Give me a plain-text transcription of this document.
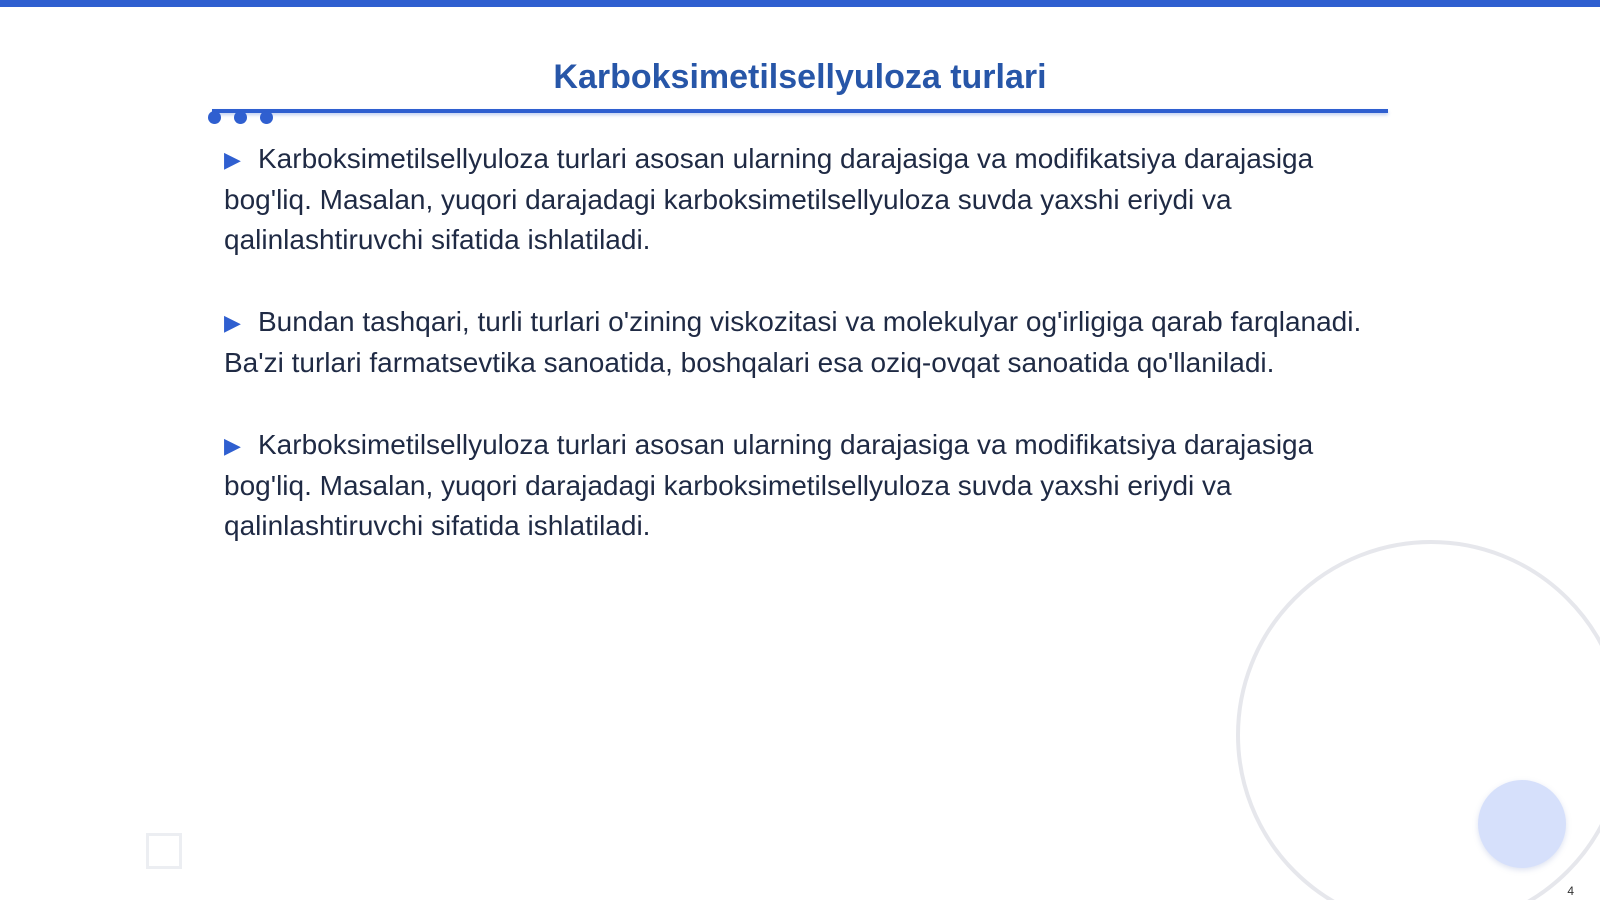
Karboksimetilsellyuloza turlari

▶ Karboksimetilsellyuloza turlari asosan ularning darajasiga va modifikatsiya darajasiga bog'liq. Masalan, yuqori darajadagi karboksimetilsellyuloza suvda yaxshi eriydi va qalinlashtiruvchi sifatida ishlatiladi.

▶ Bundan tashqari, turli turlari o'zining viskozitasi va molekulyar og'irligiga qarab farqlanadi. Ba'zi turlari farmatsevtika sanoatida, boshqalari esa oziq-ovqat sanoatida qo'llaniladi.

▶ Karboksimetilsellyuloza turlari asosan ularning darajasiga va modifikatsiya darajasiga bog'liq. Masalan, yuqori darajadagi karboksimetilsellyuloza suvda yaxshi eriydi va qalinlashtiruvchi sifatida ishlatiladi.

4
